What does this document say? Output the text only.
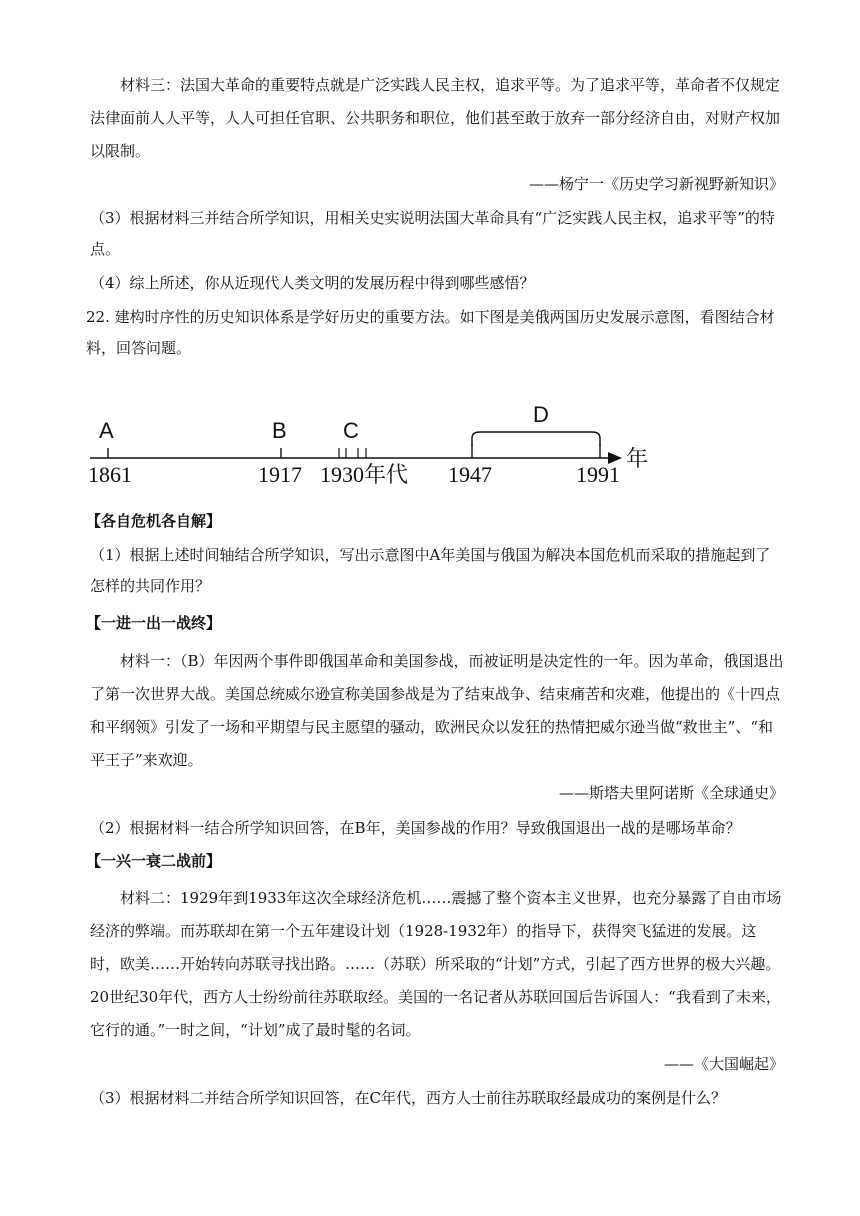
材料三：法国大革命的重要特点就是广泛实践人民主权，追求平等。为了追求平等，革命者不仅规定法律面前人人平等，人人可担任官职、公共职务和职位，他们甚至敢于放弃一部分经济自由，对财产权加以限制。

——杨宁一《历史学习新视野新知识》

（3）根据材料三并结合所学知识，用相关史实说明法国大革命具有“广泛实践人民主权，追求平等”的特点。

（4）综上所述，你从近现代人类文明的发展历程中得到哪些感悟？

22. 建构时序性的历史知识体系是学好历史的重要方法。如下图是美俄两国历史发展示意图，看图结合材料，回答问题。

A	B	C
D
1861	1917 1930年代 1947	1991
年
【各自危机各自解】

（1）根据上述时间轴结合所学知识，写出示意图中A年美国与俄国为解决本国危机而采取的措施起到了怎样的共同作用？

【一进一出一战终】

材料一：（B）年因两个事件即俄国革命和美国参战，而被证明是决定性的一年。因为革命，俄国退出了第一次世界大战。美国总统威尔逊宣称美国参战是为了结束战争、结束痛苦和灾难，他提出的《十四点和平纲领》引发了一场和平期望与民主愿望的骚动，欧洲民众以发狂的热情把威尔逊当做“救世主”、“和平王子”来欢迎。

——斯塔夫里阿诺斯《全球通史》

（2）根据材料一结合所学知识回答，在B年，美国参战的作用？导致俄国退出一战的是哪场革命？

【一兴一衰二战前】

材料二：1929年到1933年这次全球经济危机……震撼了整个资本主义世界，也充分暴露了自由市场经济的弊端。而苏联却在第一个五年建设计划（1928-1932年）的指导下，获得突飞猛进的发展。这时，欧美……开始转向苏联寻找出路。……（苏联）所采取的“计划”方式，引起了西方世界的极大兴趣。20世纪30年代，西方人士纷纷前往苏联取经。美国的一名记者从苏联回国后告诉国人：“我看到了未来，它行的通。”一时之间，“计划”成了最时髦的名词。

——《大国崛起》

（3）根据材料二并结合所学知识回答，在C年代，西方人士前往苏联取经最成功的案例是什么？
